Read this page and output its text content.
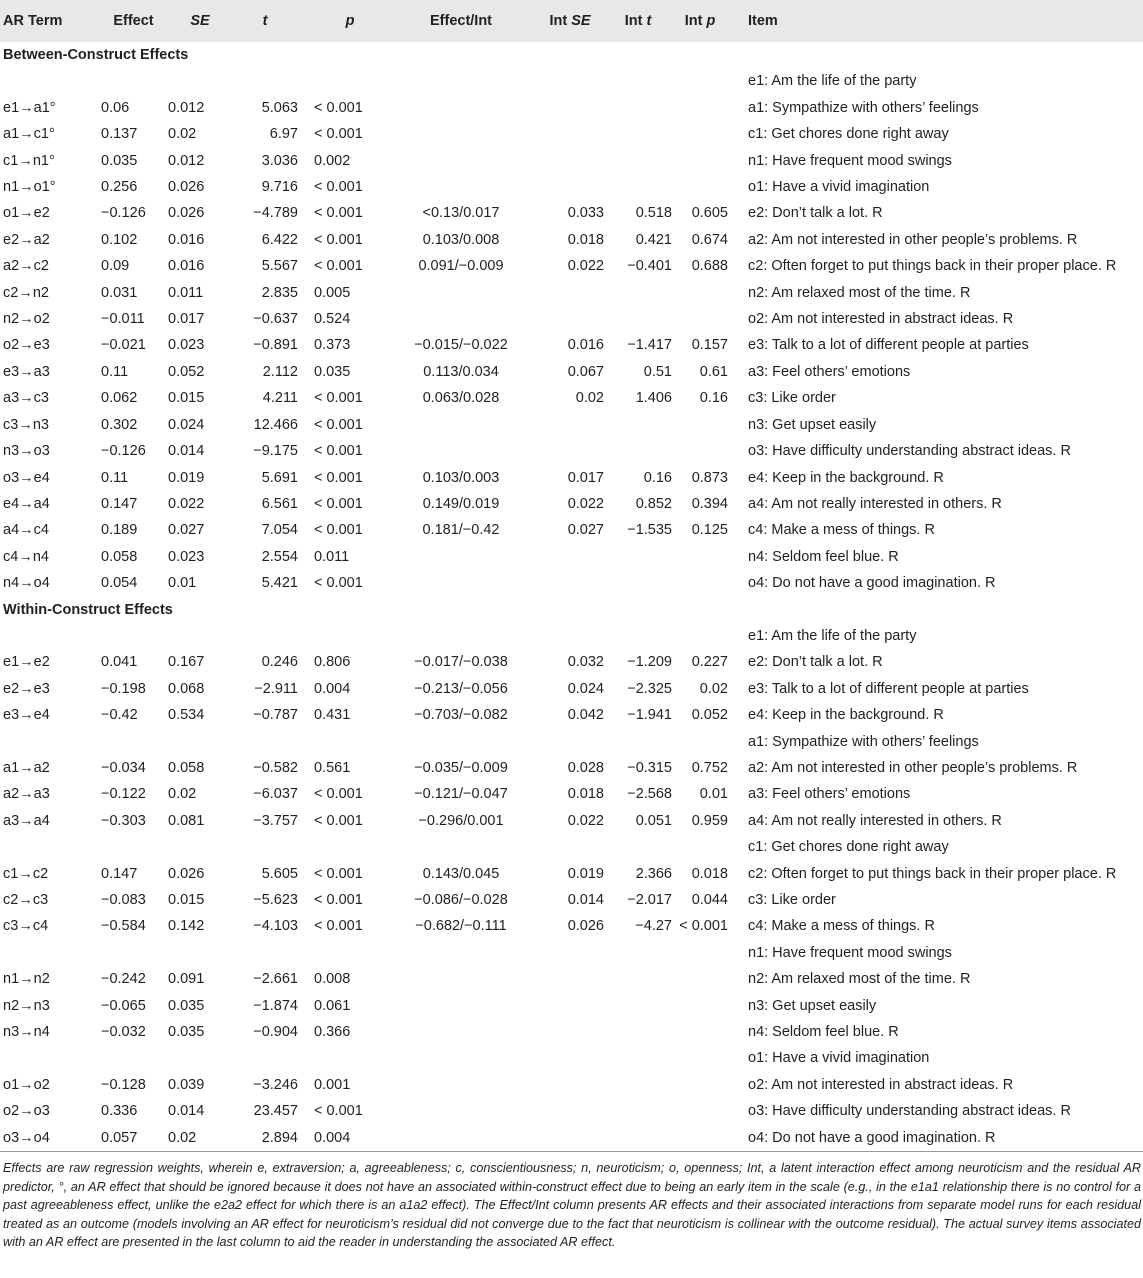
AR Term	Effect	SE	t	p	Effect/Int	Int SE	Int t	Int p	Item
Between-Construct Effects									
									e1: Am the life of the party
e1→a1°	0.06	0.012	5.063	< 0.001					a1: Sympathize with others’ feelings
a1→c1°	0.137	0.02	6.97	< 0.001					c1: Get chores done right away
c1→n1°	0.035	0.012	3.036	0.002					n1: Have frequent mood swings
n1→o1°	0.256	0.026	9.716	< 0.001					o1: Have a vivid imagination
o1→e2	−0.126	0.026	−4.789	< 0.001	<0.13/0.017	0.033	0.518	0.605	e2: Don’t talk a lot. R
e2→a2	0.102	0.016	6.422	< 0.001	0.103/0.008	0.018	0.421	0.674	a2: Am not interested in other people’s problems. R
a2→c2	0.09	0.016	5.567	< 0.001	0.091/−0.009	0.022	−0.401	0.688	c2: Often forget to put things back in their proper place. R
c2→n2	0.031	0.011	2.835	0.005					n2: Am relaxed most of the time. R
n2→o2	−0.011	0.017	−0.637	0.524					o2: Am not interested in abstract ideas. R
o2→e3	−0.021	0.023	−0.891	0.373	−0.015/−0.022	0.016	−1.417	0.157	e3: Talk to a lot of different people at parties
e3→a3	0.11	0.052	2.112	0.035	0.113/0.034	0.067	0.51	0.61	a3: Feel others’ emotions
a3→c3	0.062	0.015	4.211	< 0.001	0.063/0.028	0.02	1.406	0.16	c3: Like order
c3→n3	0.302	0.024	12.466	< 0.001					n3: Get upset easily
n3→o3	−0.126	0.014	−9.175	< 0.001					o3: Have difficulty understanding abstract ideas. R
o3→e4	0.11	0.019	5.691	< 0.001	0.103/0.003	0.017	0.16	0.873	e4: Keep in the background. R
e4→a4	0.147	0.022	6.561	< 0.001	0.149/0.019	0.022	0.852	0.394	a4: Am not really interested in others. R
a4→c4	0.189	0.027	7.054	< 0.001	0.181/−0.42	0.027	−1.535	0.125	c4: Make a mess of things. R
c4→n4	0.058	0.023	2.554	0.011					n4: Seldom feel blue. R
n4→o4	0.054	0.01	5.421	< 0.001					o4: Do not have a good imagination. R
Within-Construct Effects									
									e1: Am the life of the party
e1→e2	0.041	0.167	0.246	0.806	−0.017/−0.038	0.032	−1.209	0.227	e2: Don’t talk a lot. R
e2→e3	−0.198	0.068	−2.911	0.004	−0.213/−0.056	0.024	−2.325	0.02	e3: Talk to a lot of different people at parties
e3→e4	−0.42	0.534	−0.787	0.431	−0.703/−0.082	0.042	−1.941	0.052	e4: Keep in the background. R
									a1: Sympathize with others’ feelings
a1→a2	−0.034	0.058	−0.582	0.561	−0.035/−0.009	0.028	−0.315	0.752	a2: Am not interested in other people’s problems. R
a2→a3	−0.122	0.02	−6.037	< 0.001	−0.121/−0.047	0.018	−2.568	0.01	a3: Feel others’ emotions
a3→a4	−0.303	0.081	−3.757	< 0.001	−0.296/0.001	0.022	0.051	0.959	a4: Am not really interested in others. R
									c1: Get chores done right away
c1→c2	0.147	0.026	5.605	< 0.001	0.143/0.045	0.019	2.366	0.018	c2: Often forget to put things back in their proper place. R
c2→c3	−0.083	0.015	−5.623	< 0.001	−0.086/−0.028	0.014	−2.017	0.044	c3: Like order
c3→c4	−0.584	0.142	−4.103	< 0.001	−0.682/−0.111	0.026	−4.27	< 0.001	c4: Make a mess of things. R
									n1: Have frequent mood swings
n1→n2	−0.242	0.091	−2.661	0.008					n2: Am relaxed most of the time. R
n2→n3	−0.065	0.035	−1.874	0.061					n3: Get upset easily
n3→n4	−0.032	0.035	−0.904	0.366					n4: Seldom feel blue. R
									o1: Have a vivid imagination
o1→o2	−0.128	0.039	−3.246	0.001					o2: Am not interested in abstract ideas. R
o2→o3	0.336	0.014	23.457	< 0.001					o3: Have difficulty understanding abstract ideas. R
o3→o4	0.057	0.02	2.894	0.004					o4: Do not have a good imagination. R
Effects are raw regression weights, wherein e, extraversion; a, agreeableness; c, conscientiousness; n, neuroticism; o, openness; Int, a latent interaction effect among neuroticism and the residual AR predictor, °, an AR effect that should be ignored because it does not have an associated within-construct effect due to being an early item in the scale (e.g., in the e1a1 relationship there is no control for a past agreeableness effect, unlike the e2a2 effect for which there is an a1a2 effect). The Effect/Int column presents AR effects and their associated interactions from separate model runs for each residual treated as an outcome (models involving an AR effect for neuroticism’s residual did not converge due to the fact that neuroticism is collinear with the outcome residual). The actual survey items associated with an AR effect are presented in the last column to aid the reader in understanding the associated AR effect.
